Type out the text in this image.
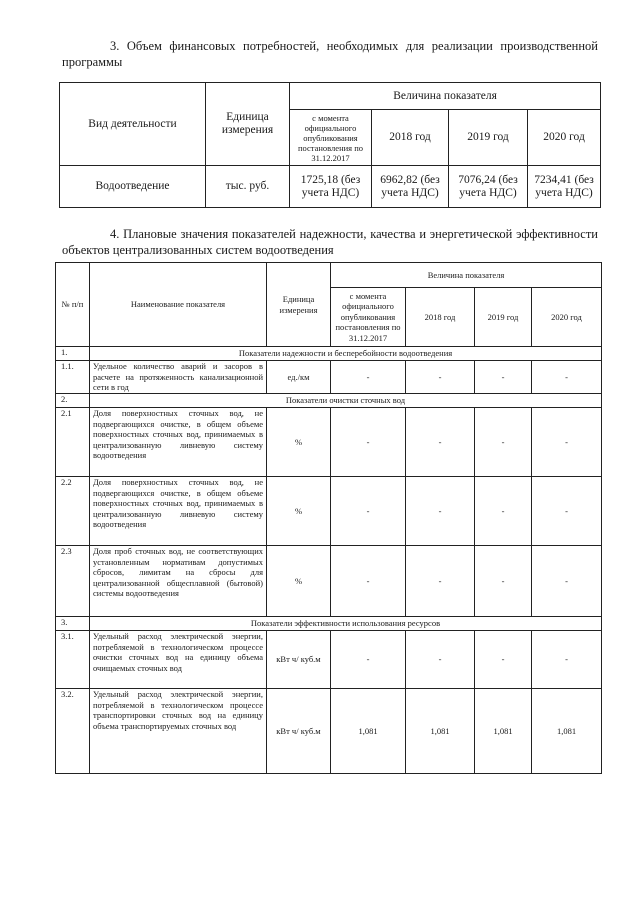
3. Объем финансовых потребностей, необходимых для реализации производственной программы
Вид деятельности	Единица измерения	Величина показателя			
		с момента официального опубликования постановления по 31.12.2017	2018 год	2019 год	2020 год
Водоотведение	тыс. руб.	1725,18 (без учета НДС)	6962,82 (без учета НДС)	7076,24 (без учета НДС)	7234,41 (без учета НДС)
4. Плановые значения показателей надежности, качества и энергетической эффективности объектов централизованных систем водоотведения
№ п/п	Наименование показателя	Единица измерения	Величина показателя			
			с момента официального опубликования постановления по 31.12.2017	2018 год	2019 год	2020 год
1.	Показатели надежности и бесперебойности водоотведения					
1.1.	Удельное количество аварий и засоров в расчете на протяженность канализационной сети в год	ед./км	-	-	-	-
2.	Показатели очистки сточных вод					
2.1	Доля поверхностных сточных вод, не подвергающихся очистке, в общем объеме поверхностных сточных вод, принимаемых в централизованную ливневую систему водоотведения	%	-	-	-	-
2.2	Доля поверхностных сточных вод, не подвергающихся очистке, в общем объеме поверхностных сточных вод, принимаемых в централизованную ливневую систему водоотведения	%	-	-	-	-
2.3	Доля проб сточных вод, не соответствующих установленным нормативам допустимых сбросов, лимитам на сбросы для централизованной общесплавной (бытовой) системы водоотведения	%	-	-	-	-
3.	Показатели эффективности использования ресурсов					
3.1.	Удельный расход электрической энергии, потребляемой в технологическом процессе очистки сточных вод на единицу объема очищаемых сточных вод	кВт ч/ куб.м	-	-	-	-
3.2.	Удельный расход электрической энергии, потребляемой в технологическом процессе транспортировки сточных вод на единицу объема транспортируемых сточных вод	кВт ч/ куб.м	1,081	1,081	1,081	1,081
